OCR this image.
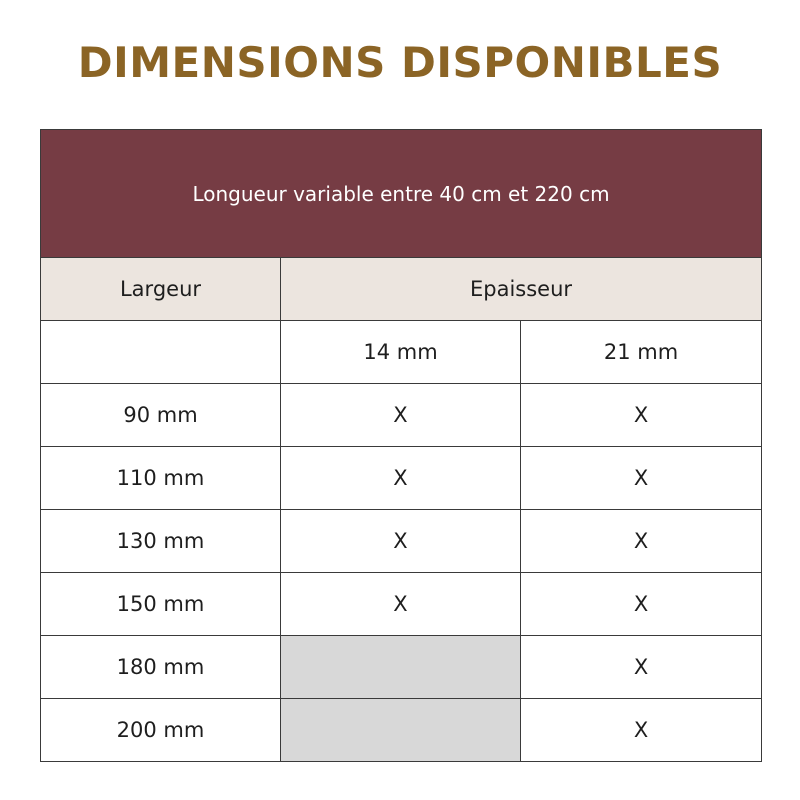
DIMENSIONS DISPONIBLES
Longueur variable entre 40 cm et 220 cm		
Largeur	Epaisseur	
	14 mm	21 mm
90 mm	X	X
110 mm	X	X
130 mm	X	X
150 mm	X	X
180 mm		X
200 mm		X
